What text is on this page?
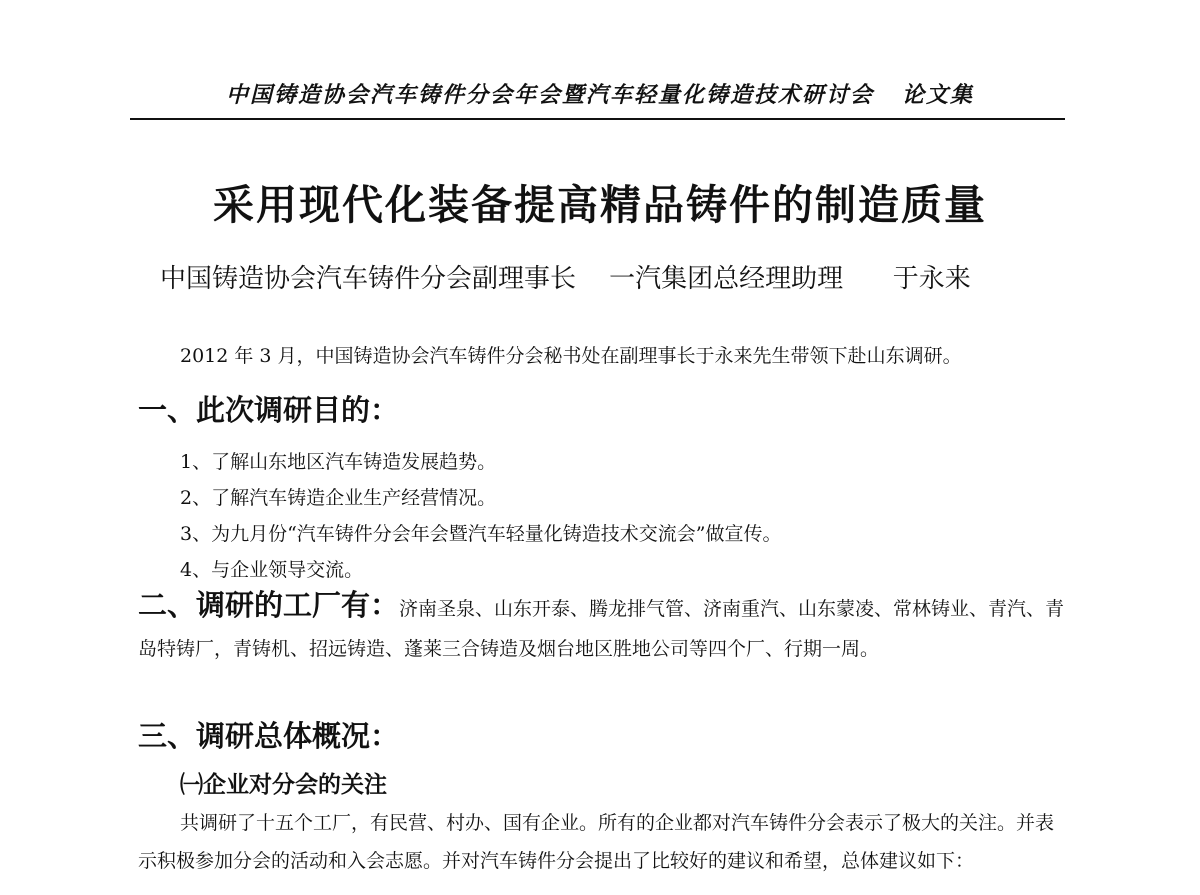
中国铸造协会汽车铸件分会年会暨汽车轻量化铸造技术研讨会 论文集
采用现代化装备提高精品铸件的制造质量
中国铸造协会汽车铸件分会副理事长 一汽集团总经理助理 于永来
2012 年 3 月，中国铸造协会汽车铸件分会秘书处在副理事长于永来先生带领下赴山东调研。
一、此次调研目的：
1、了解山东地区汽车铸造发展趋势。
2、了解汽车铸造企业生产经营情况。
3、为九月份“汽车铸件分会年会暨汽车轻量化铸造技术交流会”做宣传。
4、与企业领导交流。
二、调研的工厂有：济南圣泉、山东开泰、腾龙排气管、济南重汽、山东蒙凌、常林铸业、青汽、青岛特铸厂，青铸机、招远铸造、蓬莱三合铸造及烟台地区胜地公司等四个厂、行期一周。
三、调研总体概况：
㈠企业对分会的关注
共调研了十五个工厂，有民营、村办、国有企业。所有的企业都对汽车铸件分会表示了极大的关注。并表示积极参加分会的活动和入会志愿。并对汽车铸件分会提出了比较好的建议和希望，总体建议如下：
